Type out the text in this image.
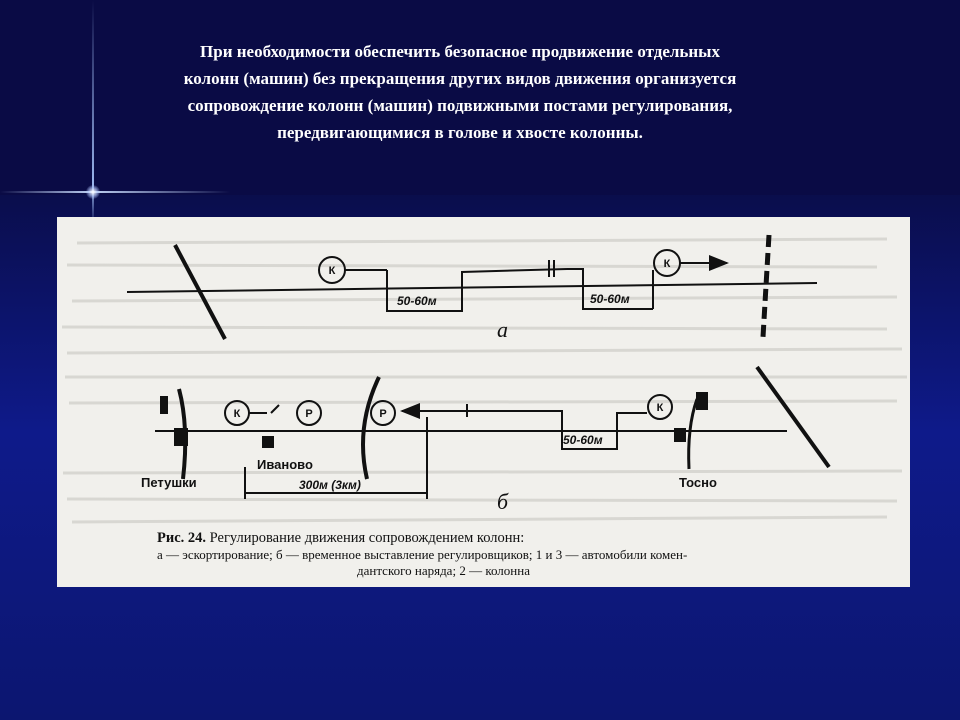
При необходимости обеспечить безопасное продвижение отдельных
колонн (машин) без прекращения других видов движения организуется
сопровождение колонн (машин) подвижными постами регулирования,
передвигающимися в голове и хвосте колонны.
К
К
50-60м	50-60м
а
К	Р	Р	К
50-60м
300м (3км)
Петушки
Иваново
Тосно
б
Рис. 24. Регулирование движения сопровождением колонн:
а — эскортирование; б — временное выставление регулировщиков; 1 и 3 — автомобили комен-
дантского наряда; 2 — колонна
